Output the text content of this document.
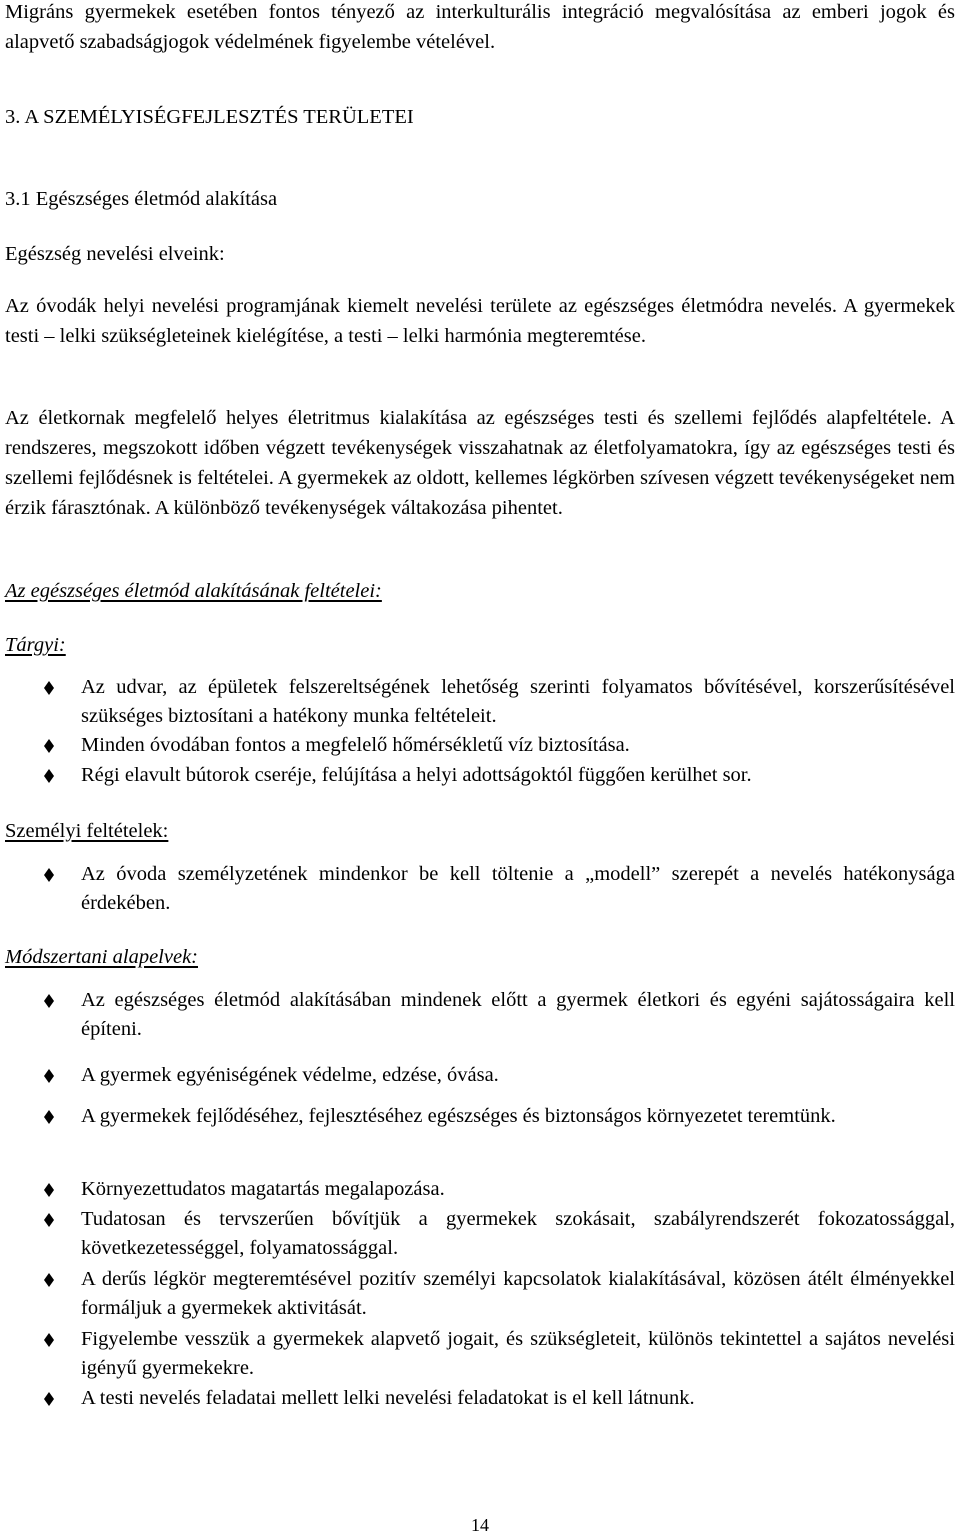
Migráns gyermekek esetében fontos tényező az interkulturális integráció megvalósítása az emberi jogok és alapvető szabadságjogok védelmének figyelembe vételével.

3. A SZEMÉLYISÉGFEJLESZTÉS TERÜLETEI

3.1 Egészséges életmód alakítása

Egészség nevelési elveink:

Az óvodák helyi nevelési programjának kiemelt nevelési területe az egészséges életmódra nevelés. A gyermekek testi – lelki szükségleteinek kielégítése, a testi – lelki harmónia megteremtése.

Az életkornak megfelelő helyes életritmus kialakítása az egészséges testi és szellemi fejlődés alapfeltétele. A rendszeres, megszokott időben végzett tevékenységek visszahatnak az életfolyamatokra, így az egészséges testi és szellemi fejlődésnek is feltételei. A gyermekek az oldott, kellemes légkörben szívesen végzett tevékenységeket nem érzik fárasztónak. A különböző tevékenységek váltakozása pihentet.

Az egészséges életmód alakításának feltételei:

Tárgyi:

Az udvar, az épületek felszereltségének lehetőség szerinti folyamatos bővítésével, korszerűsítésével szükséges biztosítani a hatékony munka feltételeit.

Minden óvodában fontos a megfelelő hőmérsékletű víz biztosítása.

Régi elavult bútorok cseréje, felújítása a helyi adottságoktól függően kerülhet sor.

Személyi feltételek:

Az óvoda személyzetének mindenkor be kell töltenie a „modell” szerepét a nevelés hatékonysága érdekében.

Módszertani alapelvek:

Az egészséges életmód alakításában mindenek előtt a gyermek életkori és egyéni sajátosságaira kell építeni.

A gyermek egyéniségének védelme, edzése, óvása.

A gyermekek fejlődéséhez, fejlesztéséhez egészséges és biztonságos környezetet teremtünk.

Környezettudatos magatartás megalapozása.

Tudatosan és tervszerűen bővítjük a gyermekek szokásait, szabályrendszerét fokozatossággal, következetességgel, folyamatossággal.

A derűs légkör megteremtésével pozitív személyi kapcsolatok kialakításával, közösen átélt élményekkel formáljuk a gyermekek aktivitását.

Figyelembe vesszük a gyermekek alapvető jogait, és szükségleteit, különös tekintettel a sajátos nevelési igényű gyermekekre.

A testi nevelés feladatai mellett lelki nevelési feladatokat is el kell látnunk.

14
